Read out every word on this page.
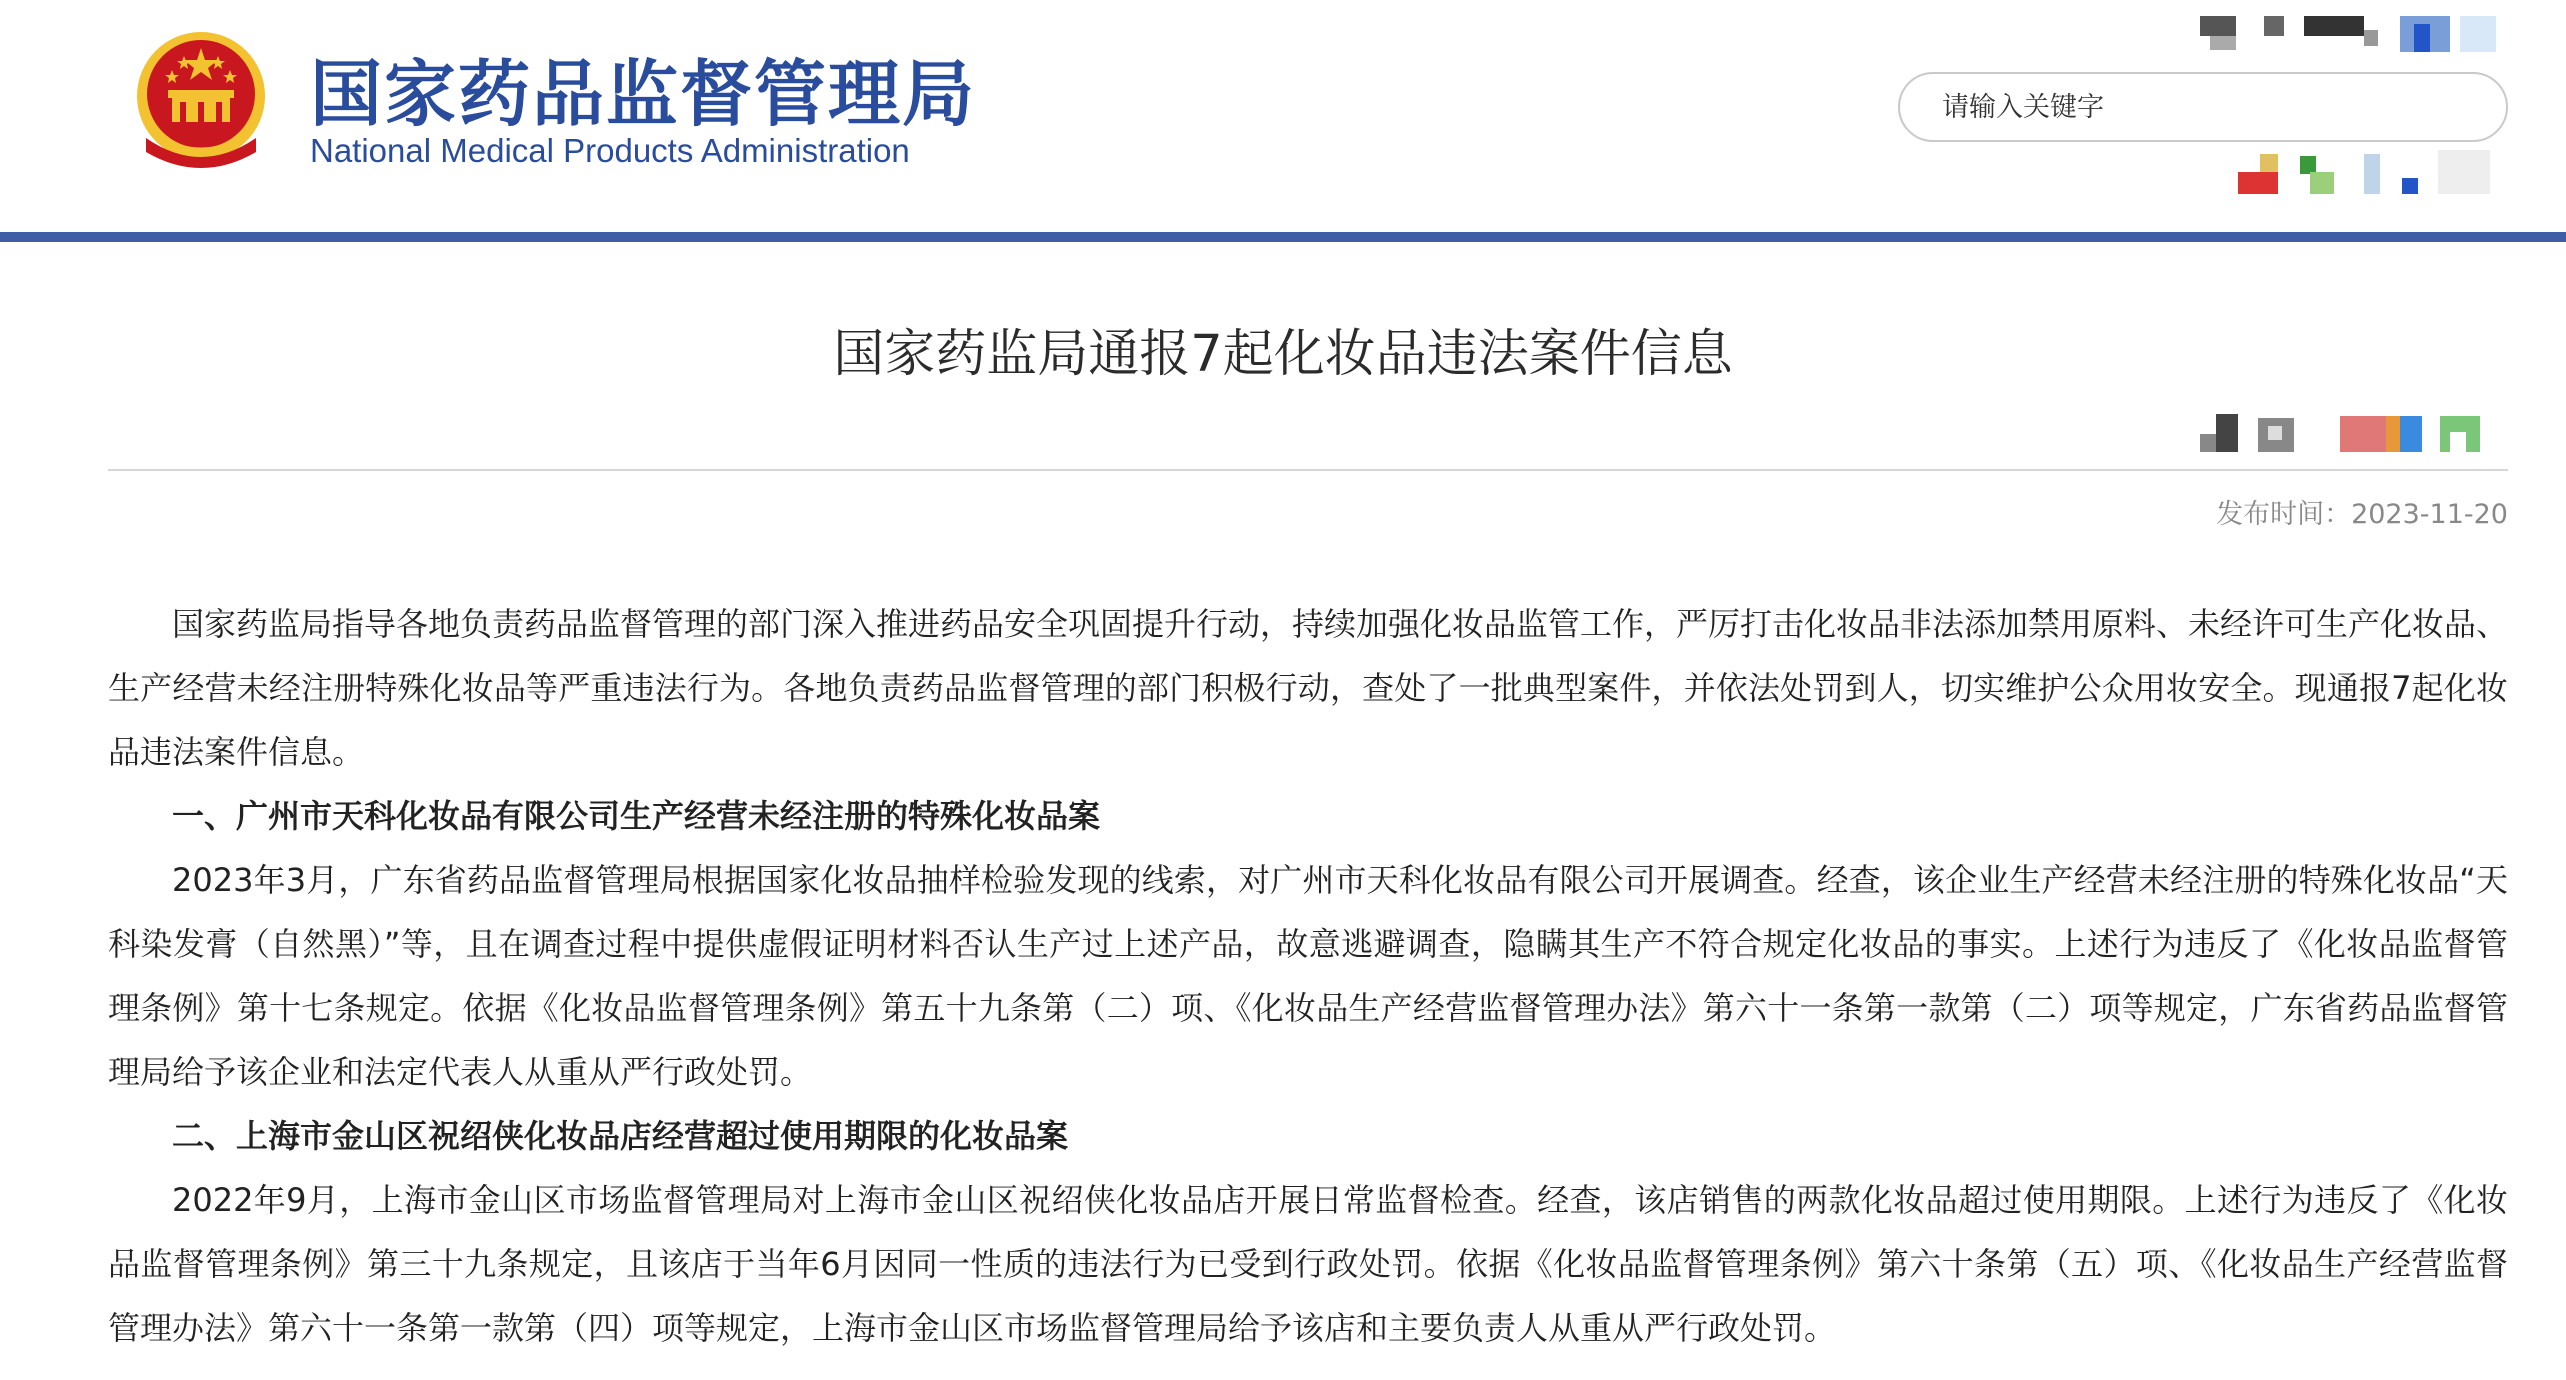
国家药品监督管理局
National Medical Products Administration
请输入关键字
国家药监局通报7起化妆品违法案件信息
发布时间：2023-11-20

国家药监局指导各地负责药品监督管理的部门深入推进药品安全巩固提升行动，持续加强化妆品监管工作，严厉打击化妆品非法添加禁用原料、未经许可生产化妆品、生产经营未经注册特殊化妆品等严重违法行为。各地负责药品监督管理的部门积极行动，查处了一批典型案件，并依法处罚到人，切实维护公众用妆安全。现通报7起化妆品违法案件信息。

一、广州市天科化妆品有限公司生产经营未经注册的特殊化妆品案

2023年3月，广东省药品监督管理局根据国家化妆品抽样检验发现的线索，对广州市天科化妆品有限公司开展调查。经查，该企业生产经营未经注册的特殊化妆品“天科染发膏（自然黑）”等，且在调查过程中提供虚假证明材料否认生产过上述产品，故意逃避调查，隐瞒其生产不符合规定化妆品的事实。上述行为违反了《化妆品监督管理条例》第十七条规定。依据《化妆品监督管理条例》第五十九条第（二）项、《化妆品生产经营监督管理办法》第六十一条第一款第（二）项等规定，广东省药品监督管理局给予该企业和法定代表人从重从严行政处罚。

二、上海市金山区祝绍侠化妆品店经营超过使用期限的化妆品案

2022年9月，上海市金山区市场监督管理局对上海市金山区祝绍侠化妆品店开展日常监督检查。经查，该店销售的两款化妆品超过使用期限。上述行为违反了《化妆品监督管理条例》第三十九条规定，且该店于当年6月因同一性质的违法行为已受到行政处罚。依据《化妆品监督管理条例》第六十条第（五）项、《化妆品生产经营监督管理办法》第六十一条第一款第（四）项等规定，上海市金山区市场监督管理局给予该店和主要负责人从重从严行政处罚。
